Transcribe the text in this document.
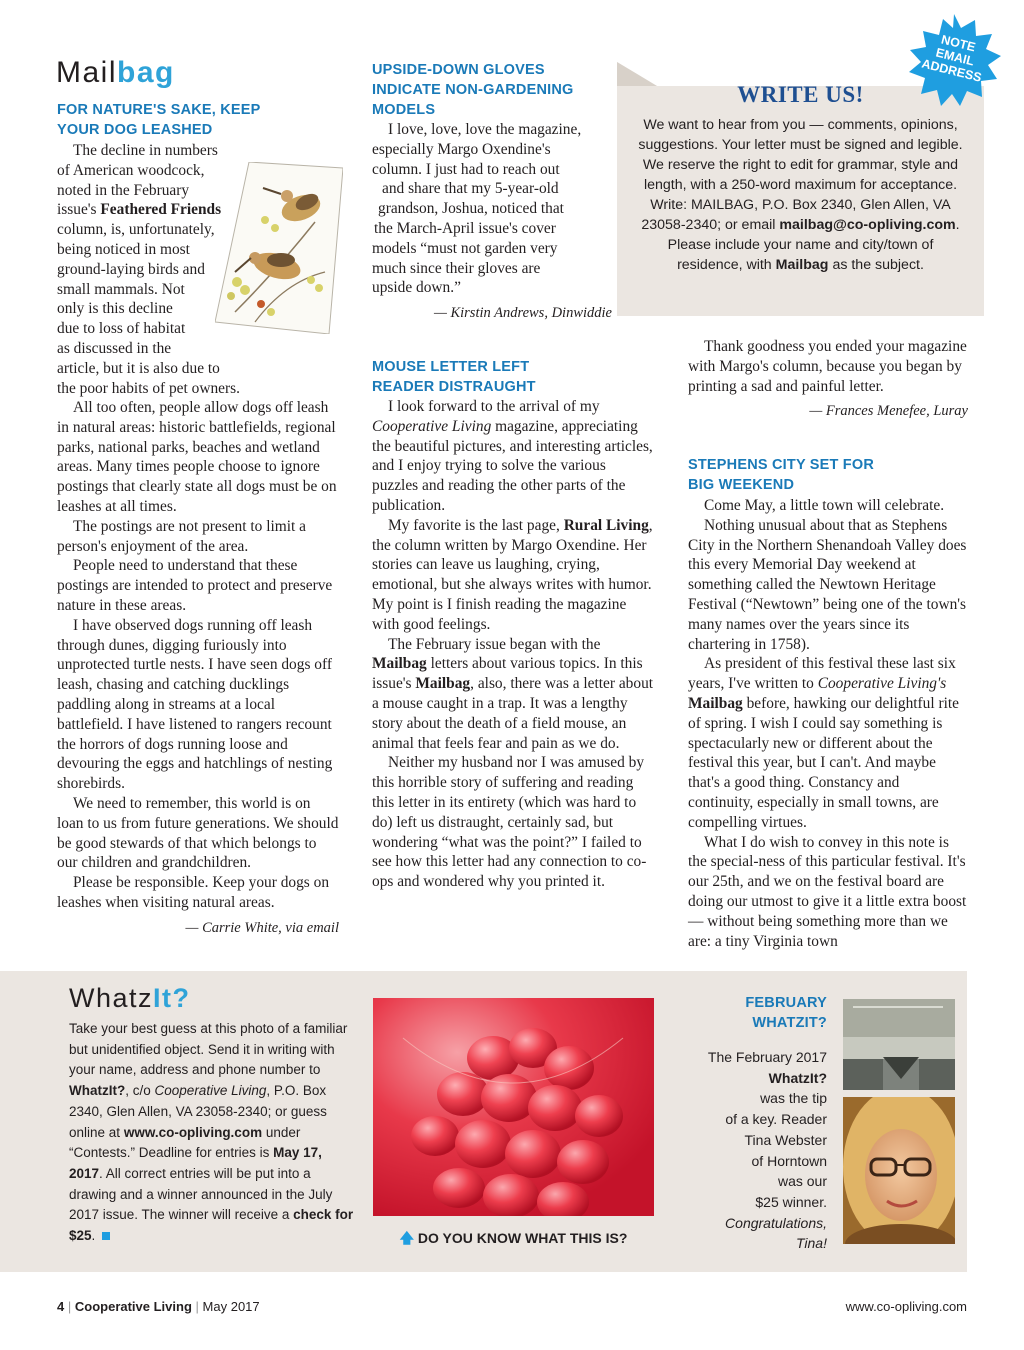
Mailbag
FOR NATURE'S SAKE, KEEP YOUR DOG LEASHED
The decline in numbers
of American woodcock,
noted in the February
issue's Feathered Friends
column, is, unfortunately,
being noticed in most
ground-laying birds and
small mammals. Not
only is this decline
due to loss of habitat
as discussed in the
article, but it is also due to
the poor habits of pet owners.

All too often, people allow dogs off leash in natural areas: historic battlefields, regional parks, national parks, beaches and wetland areas. Many times people choose to ignore postings that clearly state all dogs must be on leashes at all times.

The postings are not present to limit a person's enjoyment of the area.

People need to understand that these postings are intended to protect and preserve nature in these areas.

I have observed dogs running off leash through dunes, digging furiously into unprotected turtle nests. I have seen dogs off leash, chasing and catching ducklings paddling along in streams at a local battlefield. I have listened to rangers recount the horrors of dogs running loose and devouring the eggs and hatchlings of nesting shorebirds.

We need to remember, this world is on loan to us from future generations. We should be good stewards of that which belongs to our children and grandchildren.

Please be responsible. Keep your dogs on leashes when visiting natural areas.

— Carrie White, via email

UPSIDE-DOWN GLOVES INDICATE NON-GARDENING MODELS
I love, love, love the magazine,
especially Margo Oxendine's
column. I just had to reach out
and share that my 5-year-old
grandson, Joshua, noticed that
the March-April issue's cover
models “must not garden very
much since their gloves are
upside down.”

— Kirstin Andrews, Dinwiddie

MOUSE LETTER LEFT READER DISTRAUGHT

I look forward to the arrival of my Cooperative Living magazine, appreciating the beautiful pictures, and interesting articles, and I enjoy trying to solve the various puzzles and reading the other parts of the publication.

My favorite is the last page, Rural Living, the column written by Margo Oxendine. Her stories can leave us laughing, crying, emotional, but she always writes with humor. My point is I finish reading the magazine with good feelings.

The February issue began with the Mailbag letters about various topics. In this issue's Mailbag, also, there was a letter about a mouse caught in a trap. It was a lengthy story about the death of a field mouse, an animal that feels fear and pain as we do.

Neither my husband nor I was amused by this horrible story of suffering and reading this letter in its entirety (which was hard to do) left us distraught, certainly sad, but wondering “what was the point?” I failed to see how this letter had any connection to co-ops and wondered why you printed it.

WRITE US!
We want to hear from you — comments, opinions, suggestions. Your letter must be signed and legible. We reserve the right to edit for grammar, style and length, with a 250-word maximum for acceptance. Write: MAILBAG, P.O. Box 2340, Glen Allen, VA 23058-2340; or email mailbag@co-opliving.com. Please include your name and city/town of residence, with Mailbag as the subject.
NOTE EMAIL ADDRESS

Thank goodness you ended your magazine with Margo's column, because you began by printing a sad and painful letter.

— Frances Menefee, Luray

STEPHENS CITY SET FOR BIG WEEKEND

Come May, a little town will celebrate.

Nothing unusual about that as Stephens City in the Northern Shenandoah Valley does this every Memorial Day weekend at something called the Newtown Heritage Festival (“Newtown” being one of the town's many names over the years since its chartering in 1758).

As president of this festival these last six years, I've written to Cooperative Living's Mailbag before, hawking our delightful rite of spring. I wish I could say something is spectacularly new or different about the festival this year, but I can't. And maybe that's a good thing. Constancy and continuity, especially in small towns, are compelling virtues.

What I do wish to convey in this note is the special-ness of this particular festival. It's our 25th, and we on the festival board are doing our utmost to give it a little extra boost — without being something more than we are: a tiny Virginia town

WhatzIt?
Take your best guess at this photo of a familiar but unidentified object. Send it in writing with your name, address and phone number to WhatzIt?, c/o Cooperative Living, P.O. Box 2340, Glen Allen, VA 23058-2340; or guess online at www.co-opliving.com under “Contests.” Deadline for entries is May 17, 2017. All correct entries will be put into a drawing and a winner announced in the July 2017 issue. The winner will receive a check for $25.	🡅 DO YOU KNOW WHAT THIS IS?
FEBRUARY WHATZIT?
The February 2017
WhatzIt?
was the tip
of a key. Reader
Tina Webster
of Horntown
was our
$25 winner.
Congratulations,
Tina!
4 | Cooperative Living | May 2017	www.co-opliving.com
